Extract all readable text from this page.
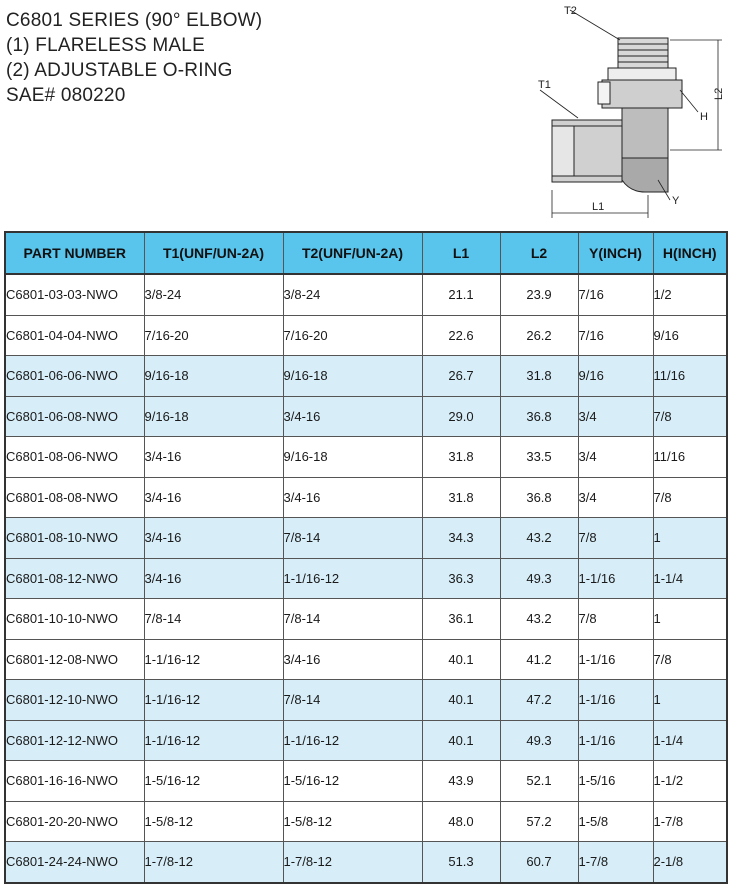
C6801 SERIES (90° ELBOW)
(1) FLARELESS MALE
(2) ADJUSTABLE O-RING
SAE# 080220
T2
T1
L2
H
Y
L1
PART NUMBER	T1(UNF/UN-2A)	T2(UNF/UN-2A)	L1	L2	Y(INCH)	H(INCH)
C6801-03-03-NWO	3/8-24	3/8-24	21.1	23.9	7/16	1/2
C6801-04-04-NWO	7/16-20	7/16-20	22.6	26.2	7/16	9/16
C6801-06-06-NWO	9/16-18	9/16-18	26.7	31.8	9/16	11/16
C6801-06-08-NWO	9/16-18	3/4-16	29.0	36.8	3/4	7/8
C6801-08-06-NWO	3/4-16	9/16-18	31.8	33.5	3/4	11/16
C6801-08-08-NWO	3/4-16	3/4-16	31.8	36.8	3/4	7/8
C6801-08-10-NWO	3/4-16	7/8-14	34.3	43.2	7/8	1
C6801-08-12-NWO	3/4-16	1-1/16-12	36.3	49.3	1-1/16	1-1/4
C6801-10-10-NWO	7/8-14	7/8-14	36.1	43.2	7/8	1
C6801-12-08-NWO	1-1/16-12	3/4-16	40.1	41.2	1-1/16	7/8
C6801-12-10-NWO	1-1/16-12	7/8-14	40.1	47.2	1-1/16	1
C6801-12-12-NWO	1-1/16-12	1-1/16-12	40.1	49.3	1-1/16	1-1/4
C6801-16-16-NWO	1-5/16-12	1-5/16-12	43.9	52.1	1-5/16	1-1/2
C6801-20-20-NWO	1-5/8-12	1-5/8-12	48.0	57.2	1-5/8	1-7/8
C6801-24-24-NWO	1-7/8-12	1-7/8-12	51.3	60.7	1-7/8	2-1/8
